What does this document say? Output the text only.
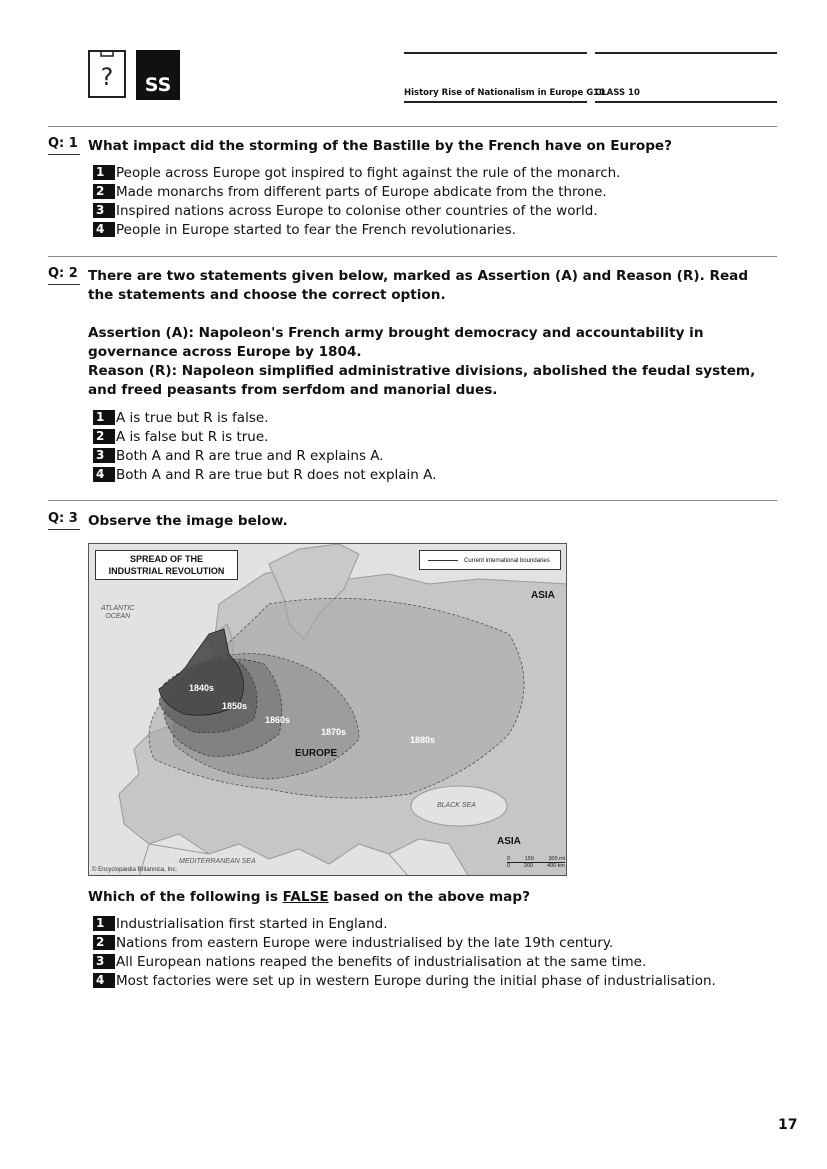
?	SS	History Rise of Nationalism in Europe G10
CLASS 10
Q: 1 What impact did the storming of the Bastille by the French have on Europe?
1 People across Europe got inspired to fight against the rule of the monarch.
2 Made monarchs from different parts of Europe abdicate from the throne.
3 Inspired nations across Europe to colonise other countries of the world.
4 People in Europe started to fear the French revolutionaries.
Q: 2 There are two statements given below, marked as Assertion (A) and Reason (R). Read the statements and choose the correct option.
Assertion (A): Napoleon's French army brought democracy and accountability in governance across Europe by 1804.
Reason (R): Napoleon simplified administrative divisions, abolished the feudal system, and freed peasants from serfdom and manorial dues.
1 A is true but R is false.
2 A is false but R is true.
3 Both A and R are true and R explains A.
4 Both A and R are true but R does not explain A.
Q: 3 Observe the image below.
SPREAD OF THE
INDUSTRIAL REVOLUTION
Current international boundaries
ASIA
ASIA
ATLANTIC
OCEAN
1840s
1850s
1860s
1870s
1880s
EUROPE
BLACK SEA
MEDITERRANEAN SEA
© Encyclopædia Britannica, Inc.
0	150	300 mi
0	200	400 km
Which of the following is FALSE based on the above map?
1 Industrialisation first started in England.
2 Nations from eastern Europe were industrialised by the late 19th century.
3 All European nations reaped the benefits of industrialisation at the same time.
4 Most factories were set up in western Europe during the initial phase of industrialisation.
17
